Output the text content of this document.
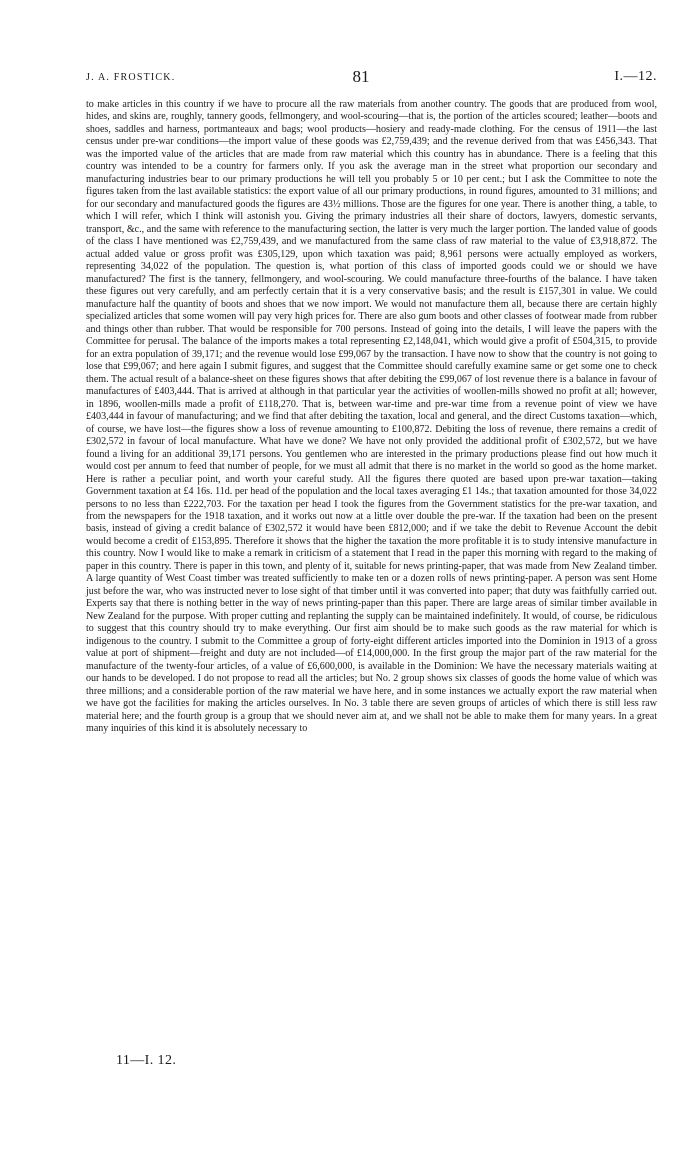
J. A. FROSTICK.	81	I.—12.

to make articles in this country if we have to procure all the raw materials from another country. The goods that are produced from wool, hides, and skins are, roughly, tannery goods, fellmongery, and wool-scouring—that is, the portion of the articles scoured; leather—boots and shoes, saddles and harness, portmanteaux and bags; wool products—hosiery and ready-made clothing. For the census of 1911—the last census under pre-war conditions—the import value of these goods was £2,759,439; and the revenue derived from that was £456,343. That was the imported value of the articles that are made from raw material which this country has in abundance. There is a feeling that this country was intended to be a country for farmers only. If you ask the average man in the street what proportion our secondary and manufacturing industries bear to our primary productions he will tell you probably 5 or 10 per cent.; but I ask the Committee to note the figures taken from the last available statistics: the export value of all our primary productions, in round figures, amounted to 31 millions; and for our secondary and manufactured goods the figures are 43½ millions. Those are the figures for one year. There is another thing, a table, to which I will refer, which I think will astonish you. Giving the primary industries all their share of doctors, lawyers, domestic servants, transport, &c., and the same with reference to the manufacturing section, the latter is very much the larger portion. The landed value of goods of the class I have mentioned was £2,759,439, and we manufactured from the same class of raw material to the value of £3,918,872. The actual added value or gross profit was £305,129, upon which taxation was paid; 8,961 persons were actually employed as workers, representing 34,022 of the population. The question is, what portion of this class of imported goods could we or should we have manufactured? The first is the tannery, fellmongery, and wool-scouring. We could manufacture three-fourths of the balance. I have taken these figures out very carefully, and am perfectly certain that it is a very conservative basis; and the result is £157,301 in value. We could manufacture half the quantity of boots and shoes that we now import. We would not manufacture them all, because there are certain highly specialized articles that some women will pay very high prices for. There are also gum boots and other classes of footwear made from rubber and things other than rubber. That would be responsible for 700 persons. Instead of going into the details, I will leave the papers with the Committee for perusal. The balance of the imports makes a total representing £2,148,041, which would give a profit of £504,315, to provide for an extra population of 39,171; and the revenue would lose £99,067 by the transaction. I have now to show that the country is not going to lose that £99,067; and here again I submit figures, and suggest that the Committee should carefully examine same or get some one to check them. The actual result of a balance-sheet on these figures shows that after debiting the £99,067 of lost revenue there is a balance in favour of manufactures of £403,444. That is arrived at although in that particular year the activities of woollen-mills showed no profit at all; however, in 1896, woollen-mills made a profit of £118,270. That is, between war-time and pre-war time from a revenue point of view we have £403,444 in favour of manufacturing; and we find that after debiting the taxation, local and general, and the direct Customs taxation—which, of course, we have lost—the figures show a loss of revenue amounting to £100,872. Debiting the loss of revenue, there remains a credit of £302,572 in favour of local manufacture. What have we done? We have not only provided the additional profit of £302,572, but we have found a living for an additional 39,171 persons. You gentlemen who are interested in the primary productions please find out how much it would cost per annum to feed that number of people, for we must all admit that there is no market in the world so good as the home market. Here is rather a peculiar point, and worth your careful study. All the figures there quoted are based upon pre-war taxation—taking Government taxation at £4 16s. 11d. per head of the population and the local taxes averaging £1 14s.; that taxation amounted for those 34,022 persons to no less than £222,703. For the taxation per head I took the figures from the Government statistics for the pre-war taxation, and from the newspapers for the 1918 taxation, and it works out now at a little over double the pre-war. If the taxation had been on the present basis, instead of giving a credit balance of £302,572 it would have been £812,000; and if we take the debit to Revenue Account the debit would become a credit of £153,895. Therefore it shows that the higher the taxation the more profitable it is to study intensive manufacture in this country. Now I would like to make a remark in criticism of a statement that I read in the paper this morning with regard to the making of paper in this country. There is paper in this town, and plenty of it, suitable for news printing-paper, that was made from New Zealand timber. A large quantity of West Coast timber was treated sufficiently to make ten or a dozen rolls of news printing-paper. A person was sent Home just before the war, who was instructed never to lose sight of that timber until it was converted into paper; that duty was faithfully carried out. Experts say that there is nothing better in the way of news printing-paper than this paper. There are large areas of similar timber available in New Zealand for the purpose. With proper cutting and replanting the supply can be maintained indefinitely. It would, of course, be ridiculous to suggest that this country should try to make everything. Our first aim should be to make such goods as the raw material for which is indigenous to the country. I submit to the Committee a group of forty-eight different articles imported into the Dominion in 1913 of a gross value at port of shipment—freight and duty are not included—of £14,000,000. In the first group the major part of the raw material for the manufacture of the twenty-four articles, of a value of £6,600,000, is available in the Dominion: We have the necessary materials waiting at our hands to be developed. I do not propose to read all the articles; but No. 2 group shows six classes of goods the home value of which was three millions; and a considerable portion of the raw material we have here, and in some instances we actually export the raw material when we have got the facilities for making the articles ourselves. In No. 3 table there are seven groups of articles of which there is still less raw material here; and the fourth group is a group that we should never aim at, and we shall not be able to make them for many years. In a great many inquiries of this kind it is absolutely necessary to

11—I. 12.
